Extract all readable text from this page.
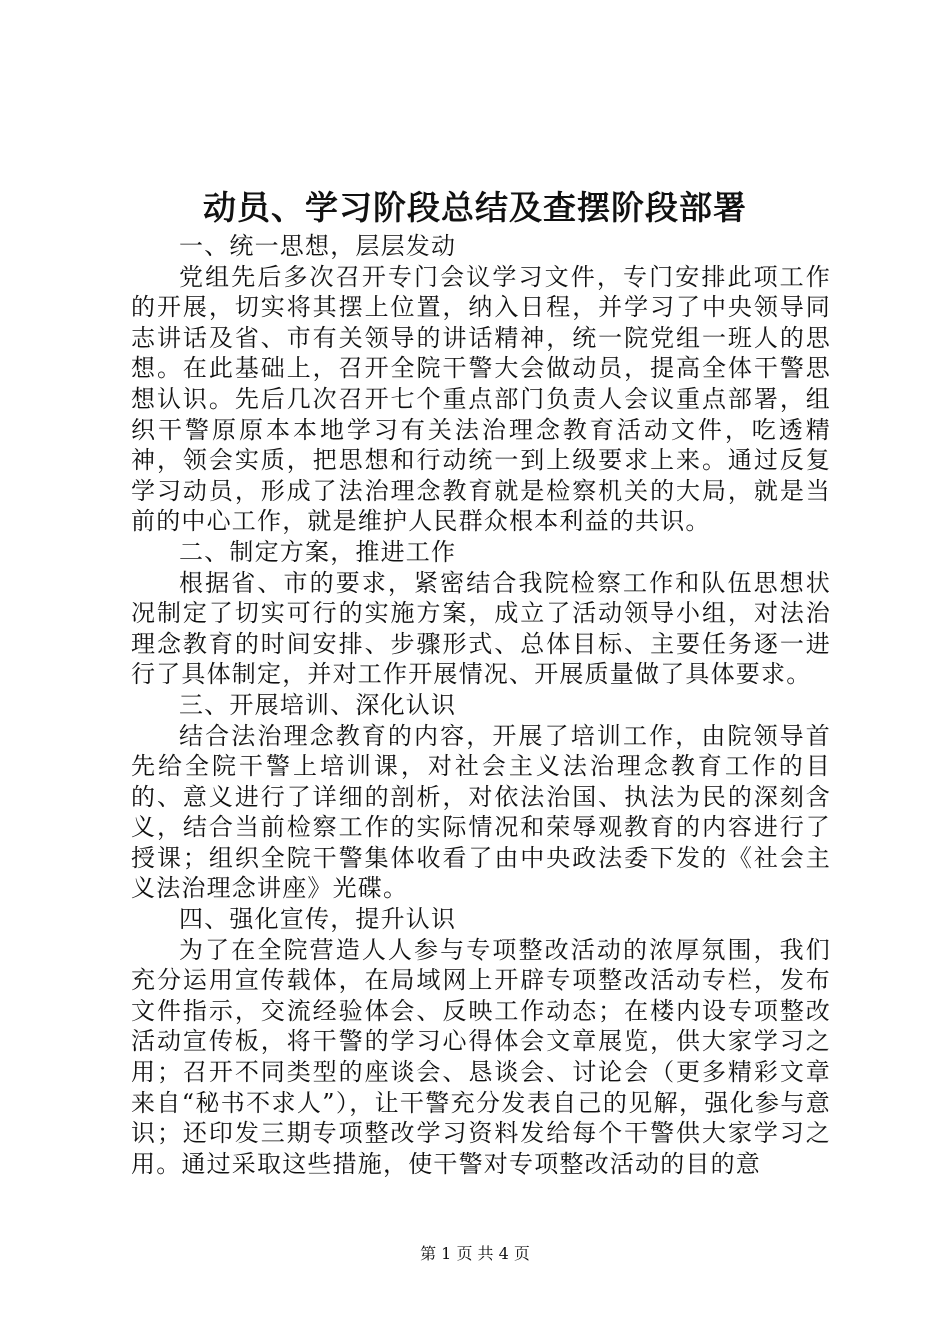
动员、学习阶段总结及查摆阶段部署

一、统一思想，层层发动

党组先后多次召开专门会议学习文件，专门安排此项工作的开展，切实将其摆上位置，纳入日程，并学习了中央领导同志讲话及省、市有关领导的讲话精神，统一院党组一班人的思想。在此基础上，召开全院干警大会做动员，提高全体干警思想认识。先后几次召开七个重点部门负责人会议重点部署，组织干警原原本本地学习有关法治理念教育活动文件，吃透精神，领会实质，把思想和行动统一到上级要求上来。通过反复学习动员，形成了法治理念教育就是检察机关的大局，就是当前的中心工作，就是维护人民群众根本利益的共识。

二、制定方案，推进工作

根据省、市的要求，紧密结合我院检察工作和队伍思想状况制定了切实可行的实施方案，成立了活动领导小组，对法治理念教育的时间安排、步骤形式、总体目标、主要任务逐一进行了具体制定，并对工作开展情况、开展质量做了具体要求。

三、开展培训、深化认识

结合法治理念教育的内容，开展了培训工作，由院领导首先给全院干警上培训课，对社会主义法治理念教育工作的目的、意义进行了详细的剖析，对依法治国、执法为民的深刻含义，结合当前检察工作的实际情况和荣辱观教育的内容进行了授课；组织全院干警集体收看了由中央政法委下发的《社会主义法治理念讲座》光碟。

四、强化宣传，提升认识

为了在全院营造人人参与专项整改活动的浓厚氛围，我们充分运用宣传载体，在局域网上开辟专项整改活动专栏，发布文件指示，交流经验体会、反映工作动态；在楼内设专项整改活动宣传板，将干警的学习心得体会文章展览，供大家学习之用；召开不同类型的座谈会、恳谈会、讨论会（更多精彩文章来自“秘书不求人”），让干警充分发表自己的见解，强化参与意识；还印发三期专项整改学习资料发给每个干警供大家学习之用。通过采取这些措施，使干警对专项整改活动的目的意

第 1 页 共 4 页
